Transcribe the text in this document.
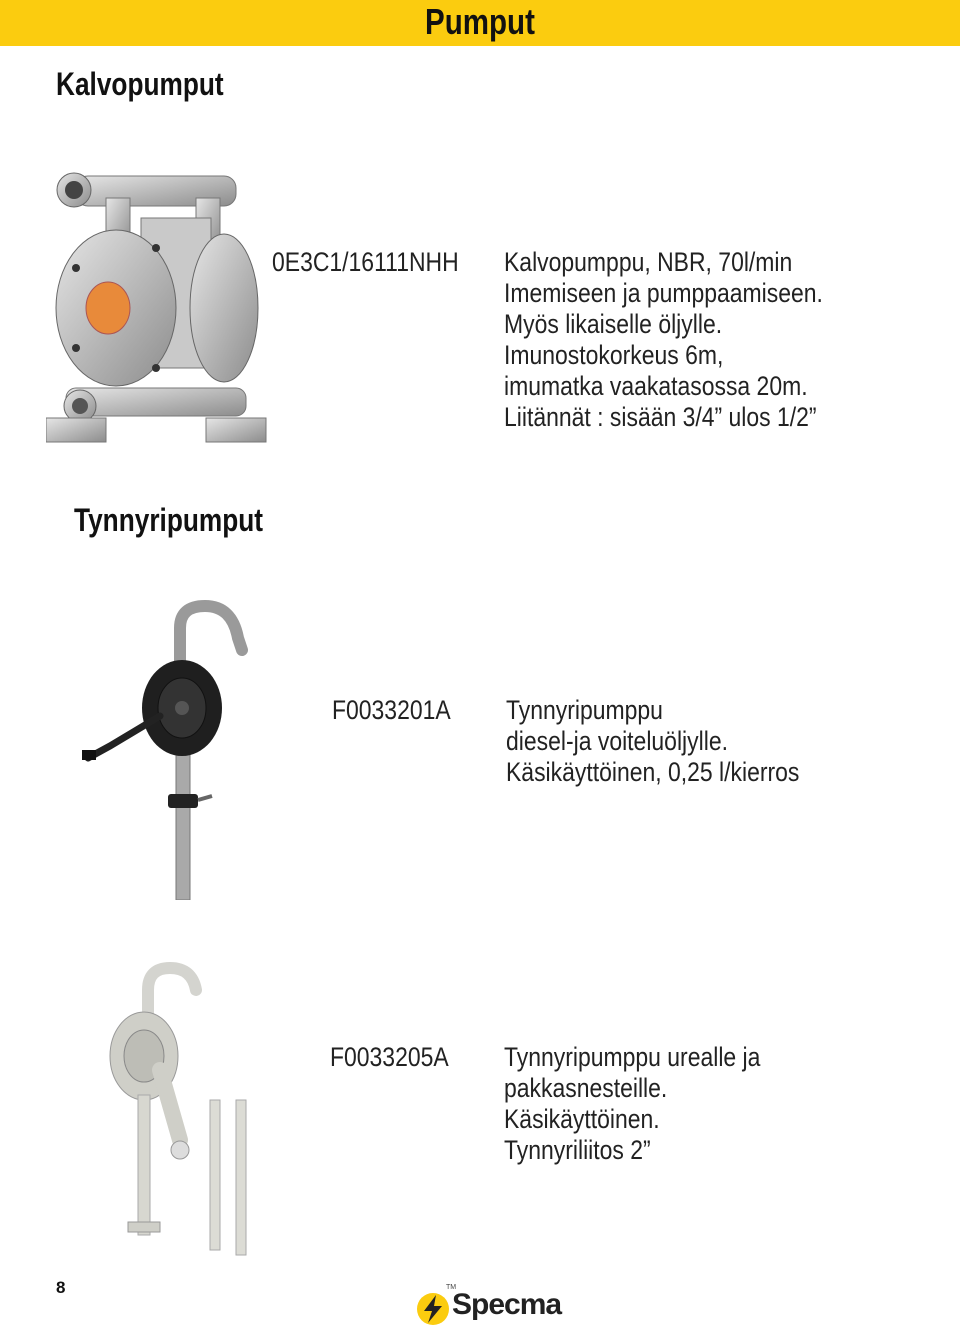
Pumput
Kalvopumput
0E3C1/16111NHH Kalvopumppu, NBR, 70l/min
Imemiseen ja pumppaamiseen.
Myös likaiselle öljylle.
Imunostokorkeus 6m,
imumatka vaakatasossa 20m.
Liitännät : sisään 3/4” ulos 1/2”
Tynnyripumput
F0033201A Tynnyripumppu
diesel-ja voiteluöljylle.
Käsikäyttöinen, 0,25 l/kierros
F0033205A Tynnyripumppu urealle ja
pakkasnesteille.
Käsikäyttöinen.
Tynnyriliitos 2”
8	TM
Specma
